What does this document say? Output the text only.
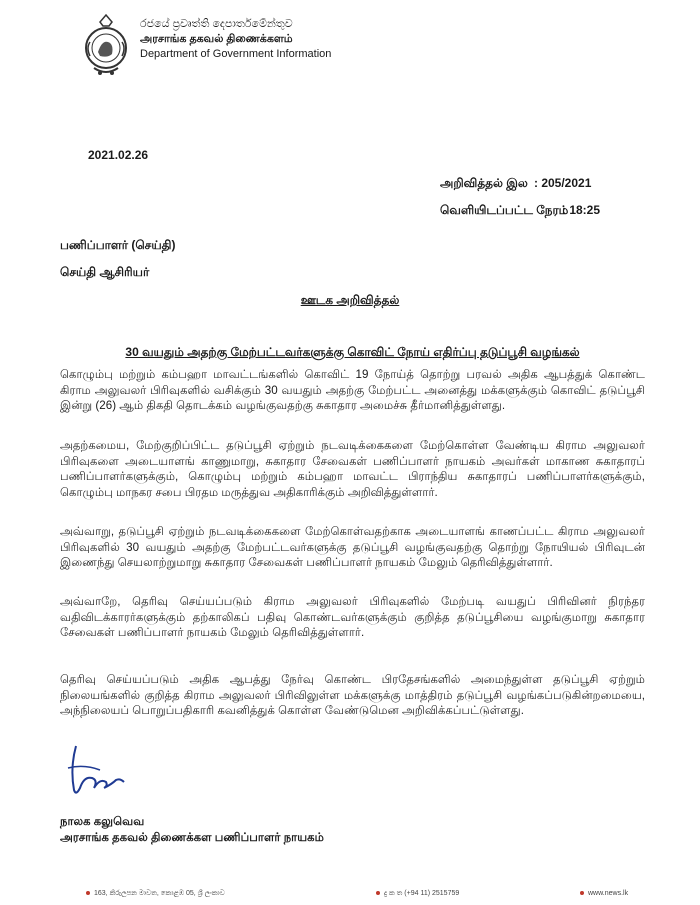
රජයේ ප්‍රවෘත්ති දෙපාර්තමේන්තුව
அரசாங்க தகவல் திணைக்களம்
Department of Government Information
2021.02.26
அறிவித்தல் இல : 205/2021
வெளியிடப்பட்ட நேரம்: 18:25
பணிப்பாளர் (செய்தி)
செய்தி ஆசிரியர்
ஊடக அறிவித்தல்
30 வயதும் அதற்கு மேற்பட்டவர்களுக்கு கொவிட் நோய் எதிர்ப்பு தடுப்பூசி வழங்கல்
கொழும்பு மற்றும் கம்பஹா மாவட்டங்களில் கொவிட் 19 நோய்த் தொற்று பரவல் அதிக ஆபத்துக் கொண்ட கிராம அலுவலர் பிரிவுகளில் வசிக்கும் 30 வயதும் அதற்கு மேற்பட்ட அனைத்து மக்களுக்கும் கொவிட் தடுப்பூசி இன்று (26) ஆம் திகதி தொடக்கம் வழங்குவதற்கு சுகாதார அமைச்சு தீர்மானித்துள்ளது.
அதற்கமைய, மேற்குறிப்பிட்ட தடுப்பூசி ஏற்றும் நடவடிக்கைகளை மேற்கொள்ள வேண்டிய கிராம அலுவலர் பிரிவுகளை அடையாளங் காணுமாறு, சுகாதார சேவைகள் பணிப்பாளர் நாயகம் அவர்கள் மாகாண சுகாதாரப் பணிப்பாளர்களுக்கும், கொழும்பு மற்றும் கம்பஹா மாவட்ட பிராந்திய சுகாதாரப் பணிப்பாளர்களுக்கும், கொழும்பு மாநகர சபை பிரதம மருத்துவ அதிகாரிக்கும் அறிவித்துள்ளார்.
அவ்வாறு, தடுப்பூசி ஏற்றும் நடவடிக்கைகளை மேற்கொள்வதற்காக அடையாளங் காணப்பட்ட கிராம அலுவலர் பிரிவுகளில் 30 வயதும் அதற்கு மேற்பட்டவர்களுக்கு தடுப்பூசி வழங்குவதற்கு தொற்று நோயியல் பிரிவுடன் இணைந்து செயலாற்றுமாறு சுகாதார சேவைகள் பணிப்பாளர் நாயகம் மேலும் தெரிவித்துள்ளார்.
அவ்வாறே, தெரிவு செய்யப்படும் கிராம அலுவலர் பிரிவுகளில் மேற்படி வயதுப் பிரிவினர் நிரந்தர வதிவிடக்காரர்களுக்கும் தற்காலிகப் பதிவு கொண்டவர்களுக்கும் குறித்த தடுப்பூசியை வழங்குமாறு சுகாதார சேவைகள் பணிப்பாளர் நாயகம் மேலும் தெரிவித்துள்ளார்.
தெரிவு செய்யப்படும் அதிக ஆபத்து நேர்வு கொண்ட பிரதேசங்களில் அமைந்துள்ள தடுப்பூசி ஏற்றும் நிலையங்களில் குறித்த கிராம அலுவலர் பிரிவிலுள்ள மக்களுக்கு மாத்திரம் தடுப்பூசி வழங்கப்படுகின்றமையை, அந்நிலையப் பொறுப்பதிகாரி கவனித்துக் கொள்ள வேண்டுமென அறிவிக்கப்பட்டுள்ளது.
நாலக கலுவெவ
அரசாங்க தகவல் திணைக்கள பணிப்பாளர் நாயகம்
163, කිරුලපන මාවත, කොළඹ 05, ශ්‍රී ලංකාව	දු ක ත (+94 11) 2515759	www.news.lk
